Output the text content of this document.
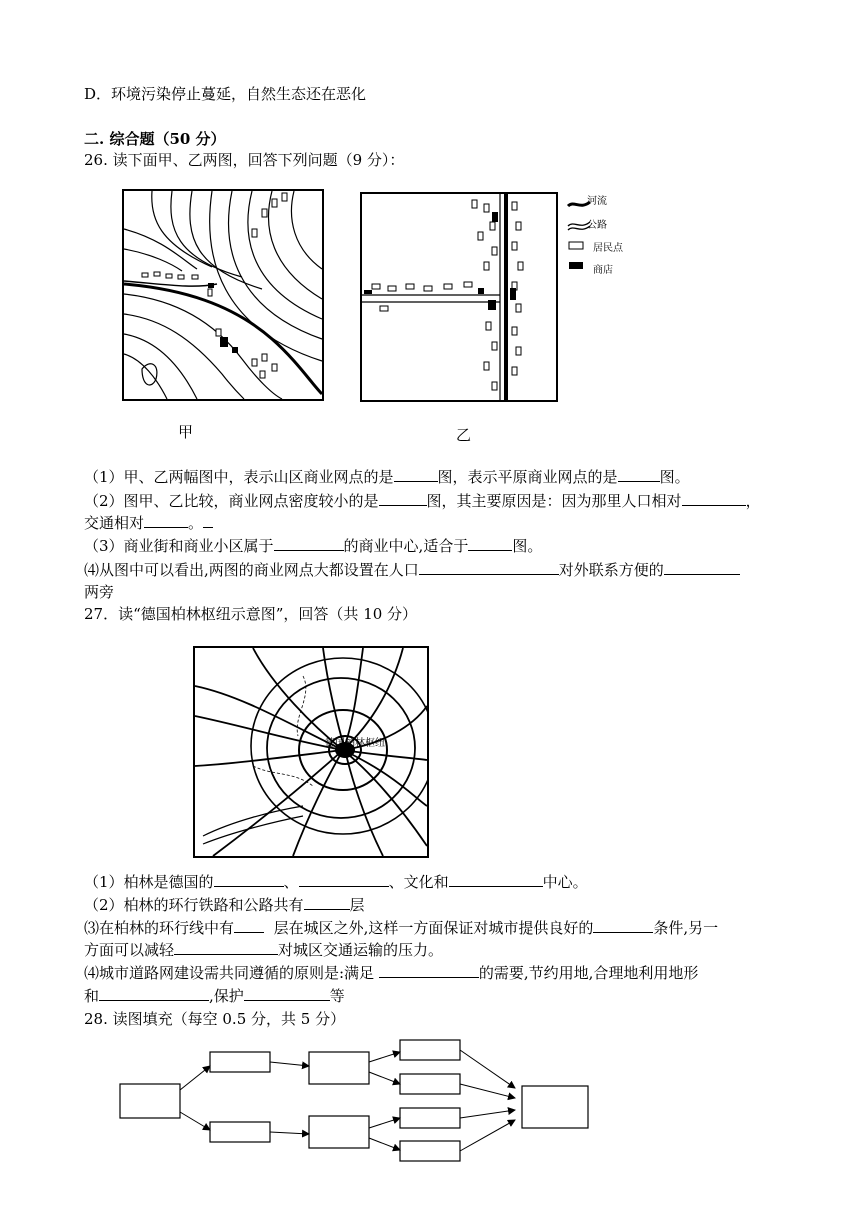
D．环境污染停止蔓延，自然生态还在恶化
二. 综合题（50 分）
26. 读下面甲、乙两图，回答下列问题（9 分）：
甲	乙
河流
公路
居民点
商店
（1）甲、乙两幅图中，表示山区商业网点的是	图，表示平原商业网点的是	图。
（2）图甲、乙比较，商业网点密度较小的是	图，其主要原因是：因为那里人口相对	，
交通相对	。
（3）商业街和商业小区属于	的商业中心,适合于	图。
⑷从图中可以看出,两图的商业网点大都设置在人口	对外联系方便的
两旁
27．读“德国柏林枢纽示意图”，回答（共 10 分）
德国柏林枢纽
（1）柏林是德国的	、	、文化和	中心。
（2）柏林的环行铁路和公路共有	层
⑶在柏林的环行线中有	层在城区之外,这样一方面保证对城市提供良好的	条件,另一
方面可以减轻	对城区交通运输的压力。
⑷城市道路网建设需共同遵循的原则是:满足	的需要,节约用地,合理地利用地形
和	,保护	等
28. 读图填充（每空 0.5 分，共 5 分）
